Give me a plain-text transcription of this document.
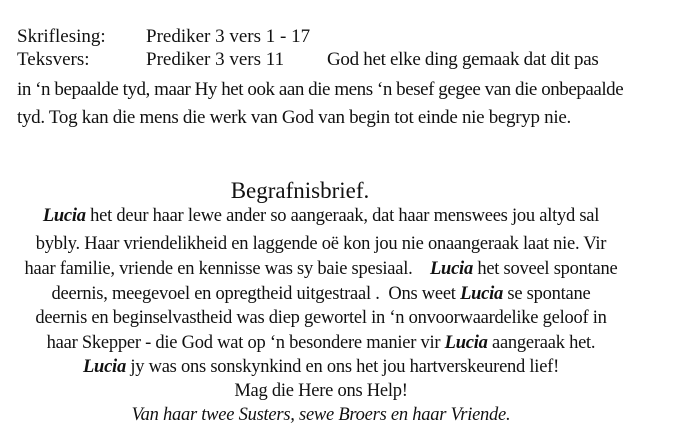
Skriflesing: Prediker 3 vers 1 - 17
Teksvers:	Prediker 3 vers 11 God het elke ding gemaak dat dit pas
in ‘n bepaalde tyd, maar Hy het ook aan die mens ‘n besef gegee van die onbepaalde
tyd. Tog kan die mens die werk van God van begin tot einde nie begryp nie.
Begrafnisbrief.
Lucia het deur haar lewe ander so aangeraak, dat haar menswees jou altyd sal
bybly. Haar vriendelikheid en laggende oë kon jou nie onaangeraak laat nie. Vir
haar familie, vriende en kennisse was sy baie spesiaal.    Lucia het soveel spontane
deernis, meegevoel en opregtheid uitgestraal .  Ons weet Lucia se spontane
deernis en beginselvastheid was diep gewortel in ‘n onvoorwaardelike geloof in
haar Skepper - die God wat op ‘n besondere manier vir Lucia aangeraak het.
Lucia jy was ons sonskynkind en ons het jou hartverskeurend lief!
Mag die Here ons Help!
Van haar twee Susters, sewe Broers en haar Vriende.
